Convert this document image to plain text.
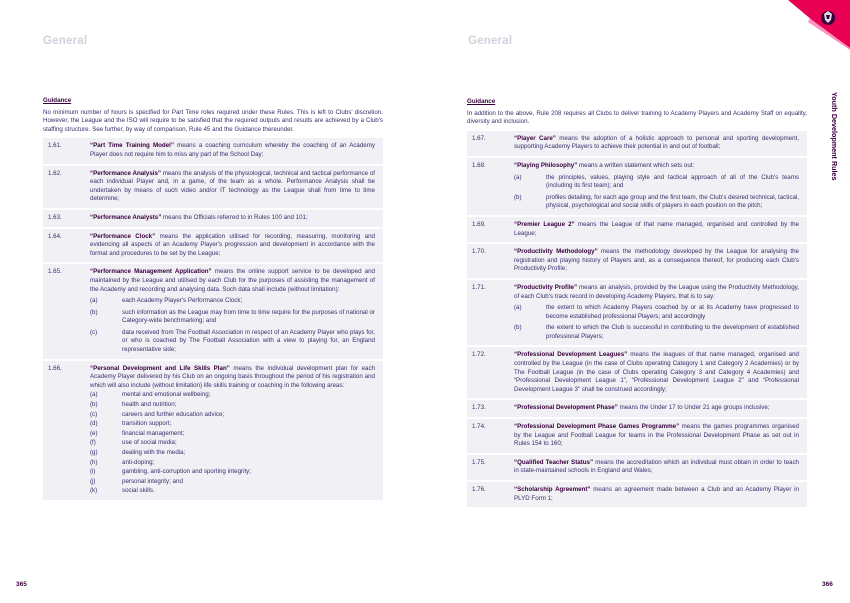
General
Guidance
No minimum number of hours is specified for Part Time roles required under these Rules. This is left to Clubs' discretion. However, the League and the ISO will require to be satisfied that the required outputs and results are achieved by a Club's staffing structure. See further, by way of comparison, Rule 45 and the Guidance thereunder.
1.61.	“Part Time Training Model” means a coaching curriculum whereby the coaching of an Academy Player does not require him to miss any part of the School Day;
1.62.	“Performance Analysis” means the analysis of the physiological, technical and tactical performance of each individual Player and, in a game, of the team as a whole. Performance Analysis shall be undertaken by means of such video and/or IT technology as the League shall from time to time determine;
1.63.	“Performance Analysts” means the Officials referred to in Rules 100 and 101;
1.64.	“Performance Clock” means the application utilised for recording, measuring, monitoring and evidencing all aspects of an Academy Player's progression and development in accordance with the format and procedures to be set by the League;
1.65.	“Performance Management Application” means the online support service to be developed and maintained by the League and utilised by each Club for the purposes of assisting the management of the Academy and recording and analysing data. Such data shall include (without limitation):
(a)	each Academy Player's Performance Clock;
(b)	such information as the League may from time to time require for the purposes of national or Category-wide benchmarking; and
(c)	data received from The Football Association in respect of an Academy Player who plays for, or who is coached by The Football Association with a view to playing for, an England representative side;
1.66.	“Personal Development and Life Skills Plan” means the individual development plan for each Academy Player delivered by his Club on an ongoing basis throughout the period of his registration and which will also include (without limitation) life skills training or coaching in the following areas:
(a)	mental and emotional wellbeing;
(b)	health and nutrition;
(c)	careers and further education advice;
(d)	transition support;
(e)	financial management;
(f)	use of social media;
(g)	dealing with the media;
(h)	anti-doping;
(i)	gambling, anti-corruption and sporting integrity;
(j)	personal integrity; and
(k)	social skills.
365
General
Youth Development Rules
Guidance
In addition to the above, Rule 208 requires all Clubs to deliver training to Academy Players and Academy Staff on equality, diversity and inclusion.
1.67.	“Player Care” means the adoption of a holistic approach to personal and sporting development, supporting Academy Players to achieve their potential in and out of football;
1.68.	“Playing Philosophy” means a written statement which sets out:
(a)	the principles, values, playing style and tactical approach of all of the Club's teams (including its first team); and
(b)	profiles detailing, for each age group and the first team, the Club's desired technical, tactical, physical, psychological and social skills of players in each position on the pitch;
1.69.	“Premier League 2” means the League of that name managed, organised and controlled by the League;
1.70.	“Productivity Methodology” means the methodology developed by the League for analysing the registration and playing history of Players and, as a consequence thereof, for producing each Club's Productivity Profile;
1.71.	“Productivity Profile” means an analysis, provided by the League using the Productivity Methodology, of each Club's track record in developing Academy Players, that is to say:
(a)	the extent to which Academy Players coached by or at its Academy have progressed to become established professional Players; and accordingly
(b)	the extent to which the Club is successful in contributing to the development of established professional Players;
1.72.	“Professional Development Leagues” means the leagues of that name managed, organised and controlled by the League (in the case of Clubs operating Category 1 and Category 2 Academies) or by The Football League (in the case of Clubs operating Category 3 and Category 4 Academies) and “Professional Development League 1”, “Professional Development League 2” and “Professional Development League 3” shall be construed accordingly;
1.73.	“Professional Development Phase” means the Under 17 to Under 21 age groups inclusive;
1.74.	“Professional Development Phase Games Programme” means the games programmes organised by the League and Football League for teams in the Professional Development Phase as set out in Rules 154 to 160;
1.75.	“Qualified Teacher Status” means the accreditation which an individual must obtain in order to teach in state-maintained schools in England and Wales;
1.76.	“Scholarship Agreement” means an agreement made between a Club and an Academy Player in PLYD Form 1;
366
